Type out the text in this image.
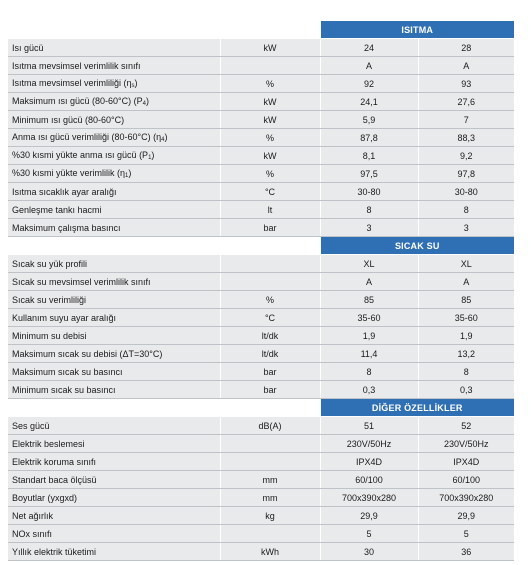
		ISITMA	
Isı gücü	kW	24	28
Isıtma mevsimsel verimlilik sınıfı		A	A
Isıtma mevsimsel verimliliği $(\eta_s)$	%	92	93
Maksimum ısı gücü (80-60°C) $(P_4)$	kW	24,1	27,6
Minimum ısı gücü (80-60°C)	kW	5,9	7
Anma ısı gücü verimliliği (80-60°C) $(\eta_4)$	%	87,8	88,3
%30 kısmi yükte anma ısı gücü $(P_1)$	kW	8,1	9,2
%30 kısmi yükte verimlilik $(\eta_1)$	%	97,5	97,8
Isıtma sıcaklık ayar aralığı	°C	30-80	30-80
Genleşme tankı hacmi	lt	8	8
Maksimum çalışma basıncı	bar	3	3
		SICAK SU	
Sıcak su yük profili		XL	XL
Sıcak su mevsimsel verimlilik sınıfı		A	A
Sıcak su verimliliği	%	85	85
Kullanım suyu ayar aralığı	°C	35-60	35-60
Minimum su debisi	lt/dk	1,9	1,9
Maksimum sıcak su debisi (ΔT=30°C)	lt/dk	11,4	13,2
Maksimum sıcak su basıncı	bar	8	8
Minimum sıcak su basıncı	bar	0,3	0,3
		DİĞER ÖZELLİKLER	
Ses gücü	dB(A)	51	52
Elektrik beslemesi		230V/50Hz	230V/50Hz
Elektrik koruma sınıfı		IPX4D	IPX4D
Standart baca ölçüsü	mm	60/100	60/100
Boyutlar (yxgxd)	mm	700x390x280	700x390x280
Net ağırlık	kg	29,9	29,9
NOx sınıfı		5	5
Yıllık elektrik tüketimi	kWh	30	36
